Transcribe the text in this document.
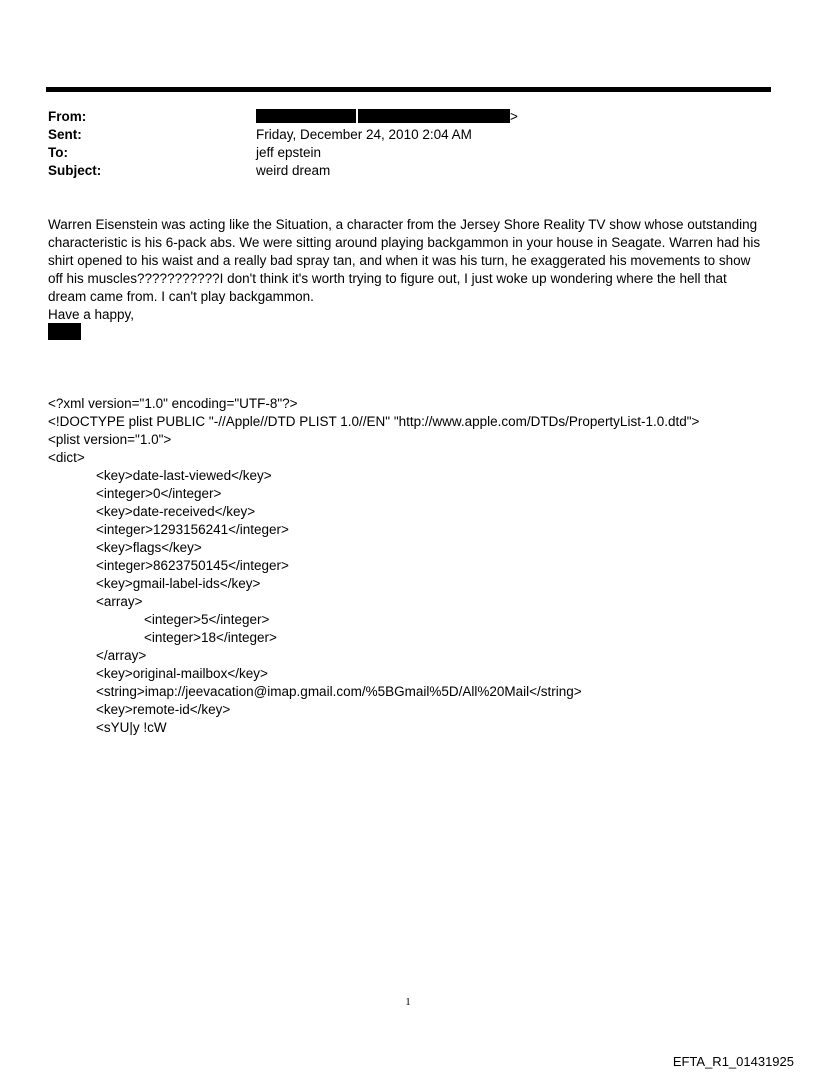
From:	>
Sent:	Friday, December 24, 2010 2:04 AM
To:	jeff epstein
Subject:	weird dream

Warren Eisenstein was acting like the Situation, a character from the Jersey Shore Reality TV show whose outstanding characteristic is his 6-pack abs. We were sitting around playing backgammon in your house in Seagate. Warren had his shirt opened to his waist and a really bad spray tan, and when it was his turn, he exaggerated his movements to show off his muscles???????????I don't think it's worth trying to figure out, I just woke up wondering where the hell that dream came from. I can't play backgammon.

Have a happy,

<?xml version="1.0" encoding="UTF-8"?>
<!DOCTYPE plist PUBLIC "-//Apple//DTD PLIST 1.0//EN" "http://www.apple.com/DTDs/PropertyList-1.0.dtd">
<plist version="1.0">
<dict>
<key>date-last-viewed</key>
<integer>0</integer>
<key>date-received</key>
<integer>1293156241</integer>
<key>flags</key>
<integer>8623750145</integer>
<key>gmail-label-ids</key>
<array>
<integer>5</integer>
<integer>18</integer>
</array>
<key>original-mailbox</key>
<string>imap://jeevacation@imap.gmail.com/%5BGmail%5D/All%20Mail</string>
<key>remote-id</key>
<sYU|y !cW
1
EFTA_R1_01431925
